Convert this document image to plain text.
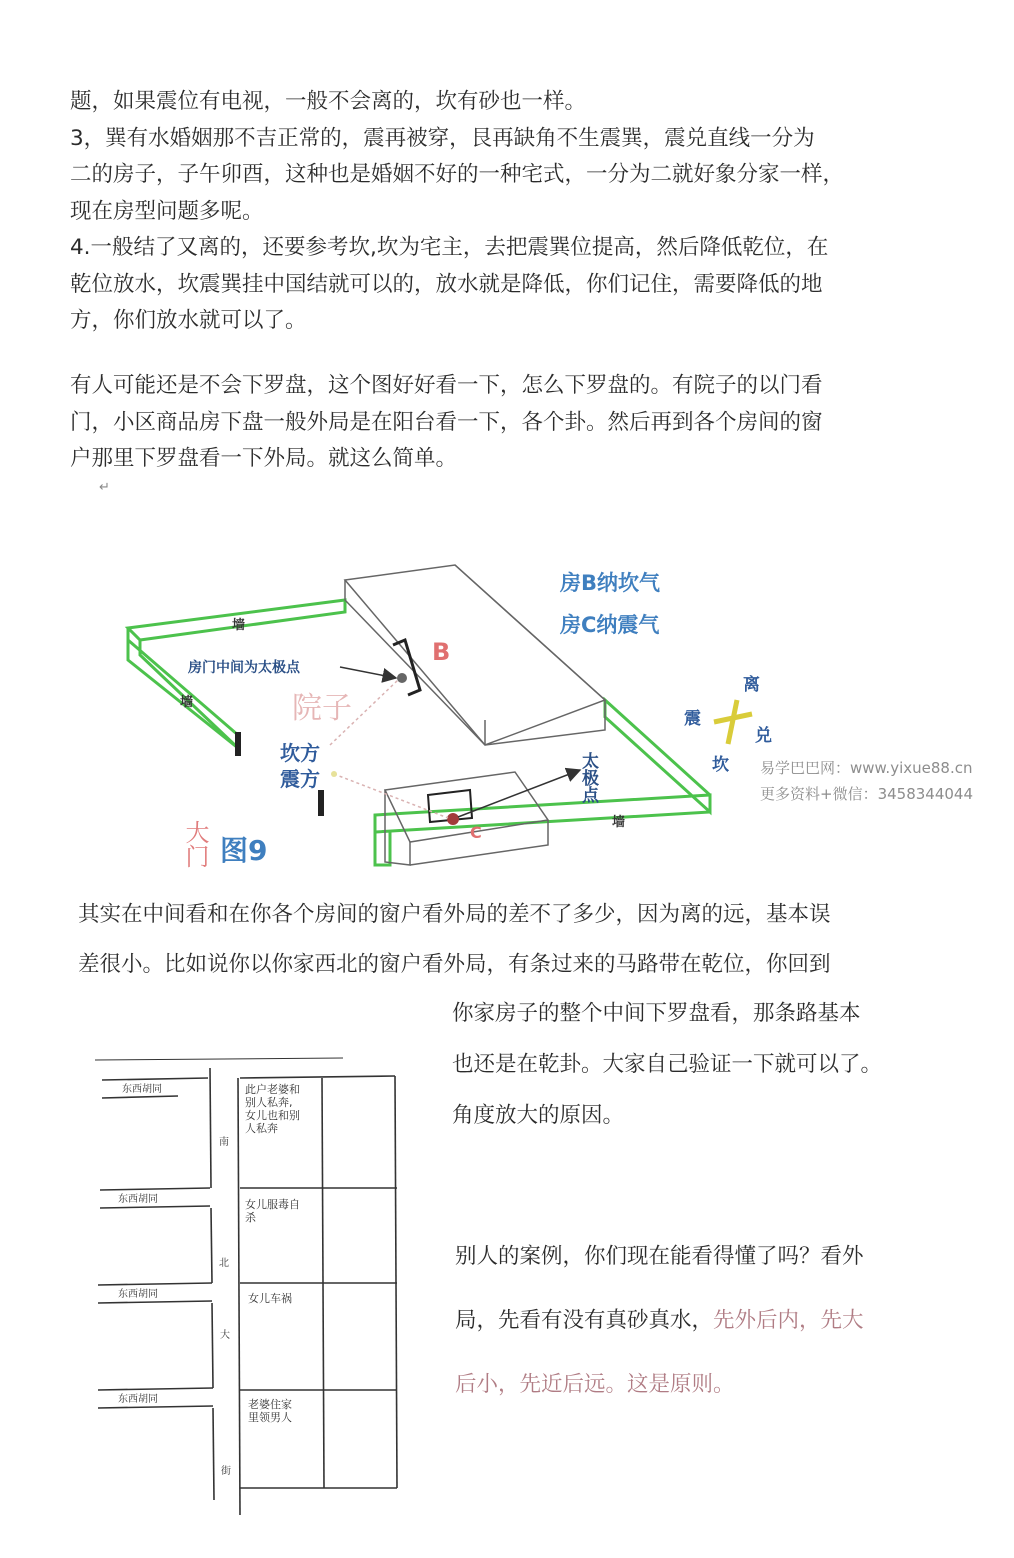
题，如果震位有电视，一般不会离的，坎有砂也一样。
3，巽有水婚姻那不吉正常的，震再被穿，艮再缺角不生震巽，震兑直线一分为
二的房子，子午卯酉，这种也是婚姻不好的一种宅式，一分为二就好象分家一样，
现在房型问题多呢。
4.一般结了又离的，还要参考坎,坎为宅主，去把震巽位提高，然后降低乾位，在
乾位放水，坎震巽挂中国结就可以的，放水就是降低，你们记住，需要降低的地
方，你们放水就可以了。
有人可能还是不会下罗盘，这个图好好看一下，怎么下罗盘的。有院子的以门看
门，小区商品房下盘一般外局是在阳台看一下，各个卦。然后再到各个房间的窗
户那里下罗盘看一下外局。就这么简单。
↵
房B纳坎气
房C纳震气
墙
墙
墙
房门中间为太极点
B
C
院子
坎方
震方
大门 图9
太极点
离
震
兑
坎 易学巴巴网：www.yixue88.cn
更多资料+微信：3458344044
其实在中间看和在你各个房间的窗户看外局的差不了多少，因为离的远，基本误
差很小。比如说你以你家西北的窗户看外局，有条过来的马路带在乾位，你回到
你家房子的整个中间下罗盘看，那条路基本
也还是在乾卦。大家自己验证一下就可以了。
角度放大的原因。
别人的案例，你们现在能看得懂了吗？看外
局，先看有没有真砂真水，先外后内，先大
后小，先近后远。这是原则。
东西胡同
东西胡同
东西胡同
东西胡同
南
北
大
街
此户老婆和
别人私奔,
女儿也和别
人私奔
女儿服毒自
杀
女儿车祸
老婆住家
里领男人
